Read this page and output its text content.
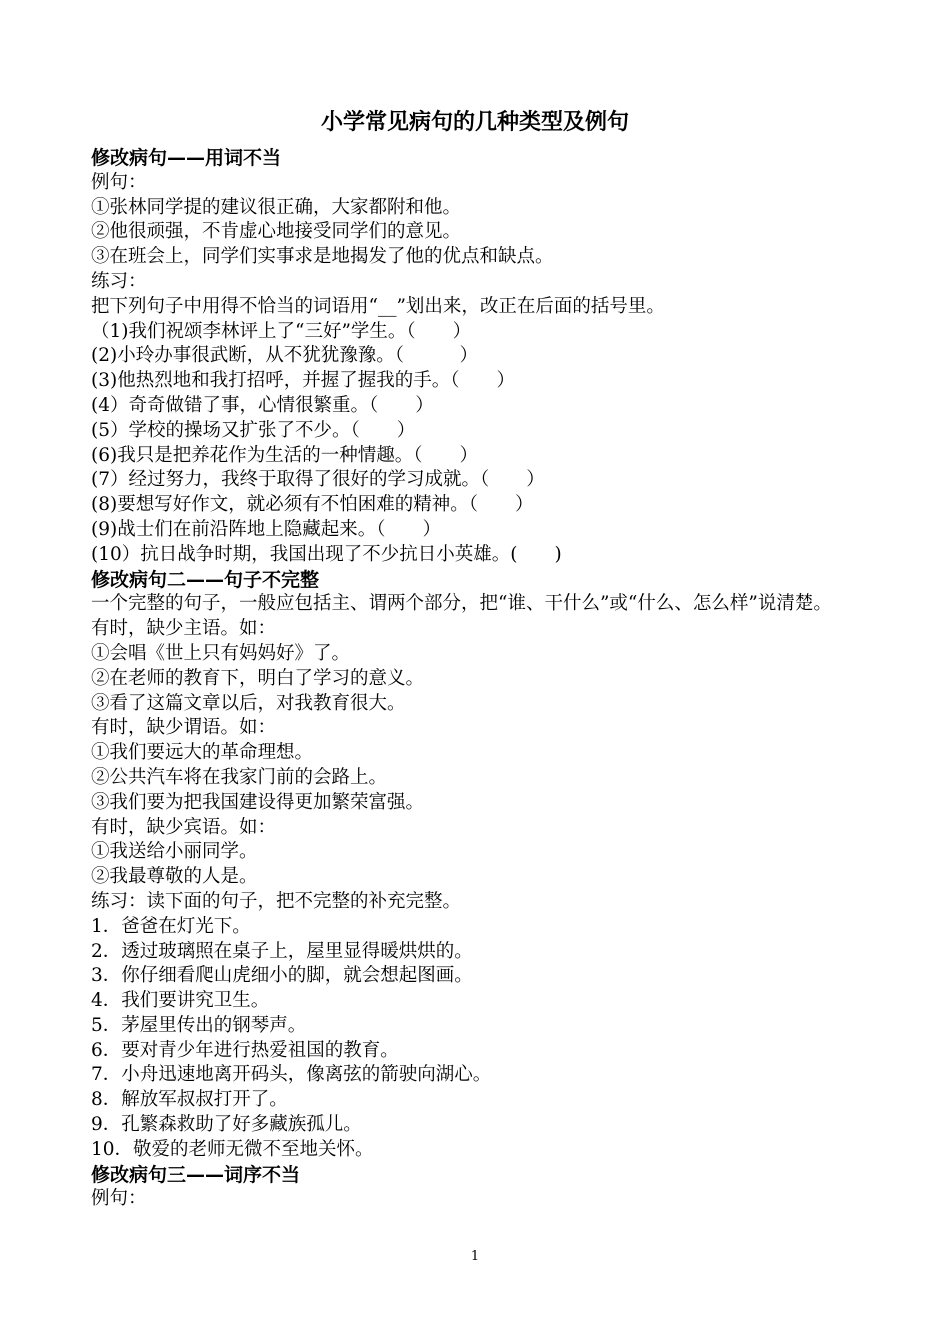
小学常见病句的几种类型及例句
修改病句——用词不当
例句：
①张林同学提的建议很正确，大家都附和他。
②他很顽强，不肯虚心地接受同学们的意见。
③在班会上，同学们实事求是地揭发了他的优点和缺点。
练习：
把下列句子中用得不恰当的词语用“__”划出来，改正在后面的括号里。
（1)我们祝颂李林评上了“三好”学生。（　　）
(2)小玲办事很武断，从不犹犹豫豫。（　　　）
(3)他热烈地和我打招呼，并握了握我的手。（　　）
(4）奇奇做错了事，心情很繁重。（　　）
(5）学校的操场又扩张了不少。（　　）
(6)我只是把养花作为生活的一种情趣。（　　）
(7）经过努力，我终于取得了很好的学习成就。（　　）
(8)要想写好作文，就必须有不怕困难的精神。（　　）
(9)战士们在前沿阵地上隐藏起来。（　　）
(10）抗日战争时期，我国出现了不少抗日小英雄。(　　)
修改病句二——句子不完整
一个完整的句子，一般应包括主、谓两个部分，把“谁、干什么”或“什么、怎么样”说清楚。
有时，缺少主语。如：
①会唱《世上只有妈妈好》了。
②在老师的教育下，明白了学习的意义。
③看了这篇文章以后，对我教育很大。
有时，缺少谓语。如：
①我们要远大的革命理想。
②公共汽车将在我家门前的会路上。
③我们要为把我国建设得更加繁荣富强。
有时，缺少宾语。如：
①我送给小丽同学。
②我最尊敬的人是。
练习：读下面的句子，把不完整的补充完整。
1．爸爸在灯光下。
2．透过玻璃照在桌子上，屋里显得暖烘烘的。
3．你仔细看爬山虎细小的脚，就会想起图画。
4．我们要讲究卫生。
5．茅屋里传出的钢琴声。
6．要对青少年进行热爱祖国的教育。
7．小舟迅速地离开码头，像离弦的箭驶向湖心。
8．解放军叔叔打开了。
9．孔繁森救助了好多藏族孤儿。
10．敬爱的老师无微不至地关怀。
修改病句三——词序不当
例句：
1
